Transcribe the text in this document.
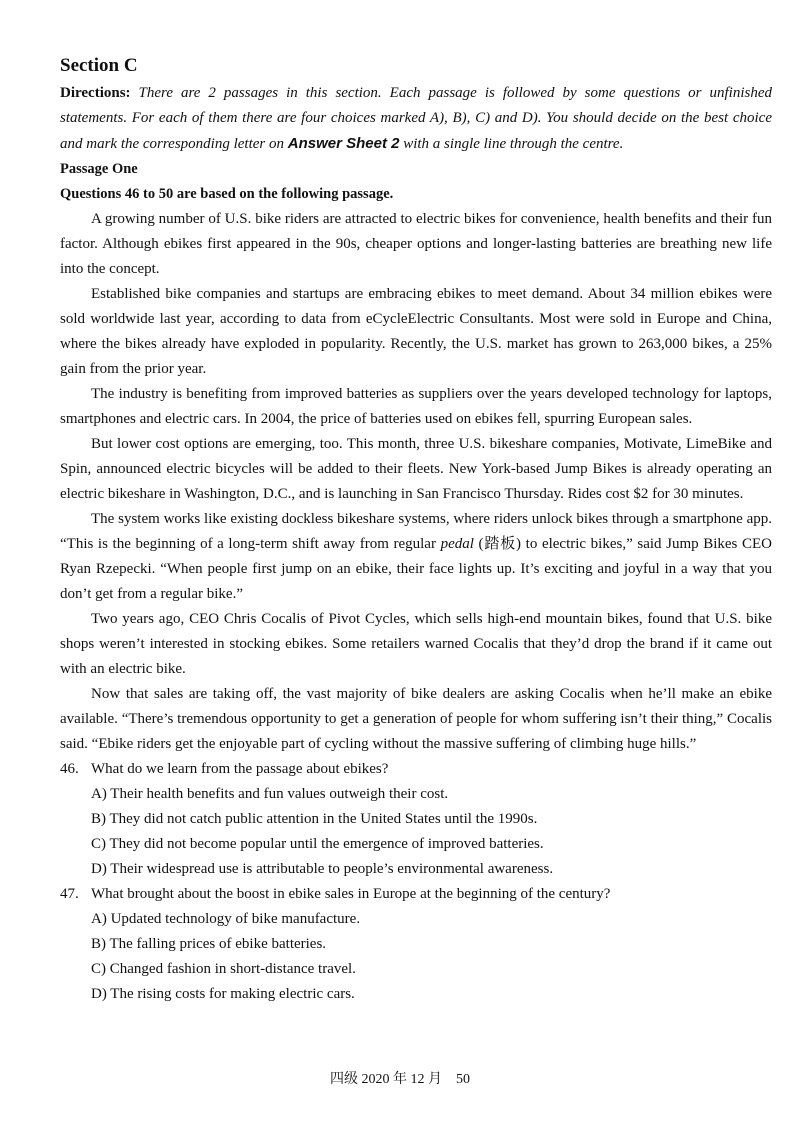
Section C

Directions: There are 2 passages in this section. Each passage is followed by some questions or unfinished statements. For each of them there are four choices marked A), B), C) and D). You should decide on the best choice and mark the corresponding letter on Answer Sheet 2 with a single line through the centre.

Passage One

Questions 46 to 50 are based on the following passage.

A growing number of U.S. bike riders are attracted to electric bikes for convenience, health benefits and their fun factor. Although ebikes first appeared in the 90s, cheaper options and longer-lasting batteries are breathing new life into the concept.

Established bike companies and startups are embracing ebikes to meet demand. About 34 million ebikes were sold worldwide last year, according to data from eCycleElectric Consultants. Most were sold in Europe and China, where the bikes already have exploded in popularity. Recently, the U.S. market has grown to 263,000 bikes, a 25% gain from the prior year.

The industry is benefiting from improved batteries as suppliers over the years developed technology for laptops, smartphones and electric cars. In 2004, the price of batteries used on ebikes fell, spurring European sales.

But lower cost options are emerging, too. This month, three U.S. bikeshare companies, Motivate, LimeBike and Spin, announced electric bicycles will be added to their fleets. New York-based Jump Bikes is already operating an electric bikeshare in Washington, D.C., and is launching in San Francisco Thursday. Rides cost $2 for 30 minutes.

The system works like existing dockless bikeshare systems, where riders unlock bikes through a smartphone app. “This is the beginning of a long-term shift away from regular pedal (踏板) to electric bikes,” said Jump Bikes CEO Ryan Rzepecki. “When people first jump on an ebike, their face lights up. It’s exciting and joyful in a way that you don’t get from a regular bike.”

Two years ago, CEO Chris Cocalis of Pivot Cycles, which sells high-end mountain bikes, found that U.S. bike shops weren’t interested in stocking ebikes. Some retailers warned Cocalis that they’d drop the brand if it came out with an electric bike.

Now that sales are taking off, the vast majority of bike dealers are asking Cocalis when he’ll make an ebike available. “There’s tremendous opportunity to get a generation of people for whom suffering isn’t their thing,” Cocalis said. “Ebike riders get the enjoyable part of cycling without the massive suffering of climbing huge hills.”

46. What do we learn from the passage about ebikes?

A) Their health benefits and fun values outweigh their cost.

B) They did not catch public attention in the United States until the 1990s.

C) They did not become popular until the emergence of improved batteries.

D) Their widespread use is attributable to people’s environmental awareness.

47. What brought about the boost in ebike sales in Europe at the beginning of the century?

A) Updated technology of bike manufacture.

B) The falling prices of ebike batteries.

C) Changed fashion in short-distance travel.

D) The rising costs for making electric cars.

四级 2020 年 12 月 50
